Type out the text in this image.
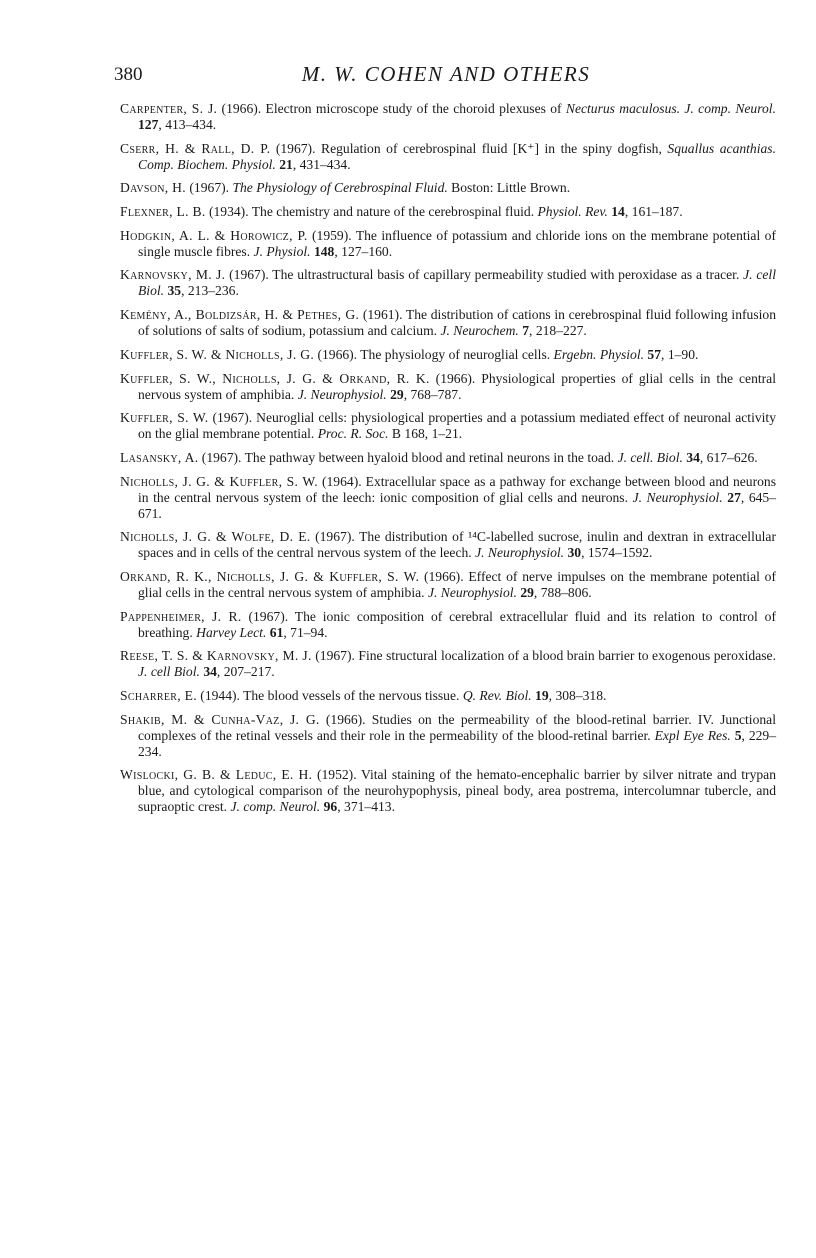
380	M. W. COHEN AND OTHERS
Carpenter, S. J. (1966). Electron microscope study of the choroid plexuses of Necturus maculosus. J. comp. Neurol. 127, 413–434.
Cserr, H. & Rall, D. P. (1967). Regulation of cerebrospinal fluid [K⁺] in the spiny dogfish, Squallus acanthias. Comp. Biochem. Physiol. 21, 431–434.
Davson, H. (1967). The Physiology of Cerebrospinal Fluid. Boston: Little Brown.
Flexner, L. B. (1934). The chemistry and nature of the cerebrospinal fluid. Physiol. Rev. 14, 161–187.
Hodgkin, A. L. & Horowicz, P. (1959). The influence of potassium and chloride ions on the membrane potential of single muscle fibres. J. Physiol. 148, 127–160.
Karnovsky, M. J. (1967). The ultrastructural basis of capillary permeability studied with peroxidase as a tracer. J. cell Biol. 35, 213–236.
Kemény, A., Boldizsár, H. & Pethes, G. (1961). The distribution of cations in cerebrospinal fluid following infusion of solutions of salts of sodium, potassium and calcium. J. Neurochem. 7, 218–227.
Kuffler, S. W. & Nicholls, J. G. (1966). The physiology of neuroglial cells. Ergebn. Physiol. 57, 1–90.
Kuffler, S. W., Nicholls, J. G. & Orkand, R. K. (1966). Physiological properties of glial cells in the central nervous system of amphibia. J. Neurophysiol. 29, 768–787.
Kuffler, S. W. (1967). Neuroglial cells: physiological properties and a potassium mediated effect of neuronal activity on the glial membrane potential. Proc. R. Soc. B 168, 1–21.
Lasansky, A. (1967). The pathway between hyaloid blood and retinal neurons in the toad. J. cell. Biol. 34, 617–626.
Nicholls, J. G. & Kuffler, S. W. (1964). Extracellular space as a pathway for exchange between blood and neurons in the central nervous system of the leech: ionic composition of glial cells and neurons. J. Neurophysiol. 27, 645–671.
Nicholls, J. G. & Wolfe, D. E. (1967). The distribution of ¹⁴C-labelled sucrose, inulin and dextran in extracellular spaces and in cells of the central nervous system of the leech. J. Neurophysiol. 30, 1574–1592.
Orkand, R. K., Nicholls, J. G. & Kuffler, S. W. (1966). Effect of nerve impulses on the membrane potential of glial cells in the central nervous system of amphibia. J. Neurophysiol. 29, 788–806.
Pappenheimer, J. R. (1967). The ionic composition of cerebral extracellular fluid and its relation to control of breathing. Harvey Lect. 61, 71–94.
Reese, T. S. & Karnovsky, M. J. (1967). Fine structural localization of a blood brain barrier to exogenous peroxidase. J. cell Biol. 34, 207–217.
Scharrer, E. (1944). The blood vessels of the nervous tissue. Q. Rev. Biol. 19, 308–318.
Shakib, M. & Cunha-Vaz, J. G. (1966). Studies on the permeability of the blood-retinal barrier. IV. Junctional complexes of the retinal vessels and their role in the permeability of the blood-retinal barrier. Expl Eye Res. 5, 229–234.
Wislocki, G. B. & Leduc, E. H. (1952). Vital staining of the hemato-encephalic barrier by silver nitrate and trypan blue, and cytological comparison of the neurohypophysis, pineal body, area postrema, intercolumnar tubercle, and supraoptic crest. J. comp. Neurol. 96, 371–413.
